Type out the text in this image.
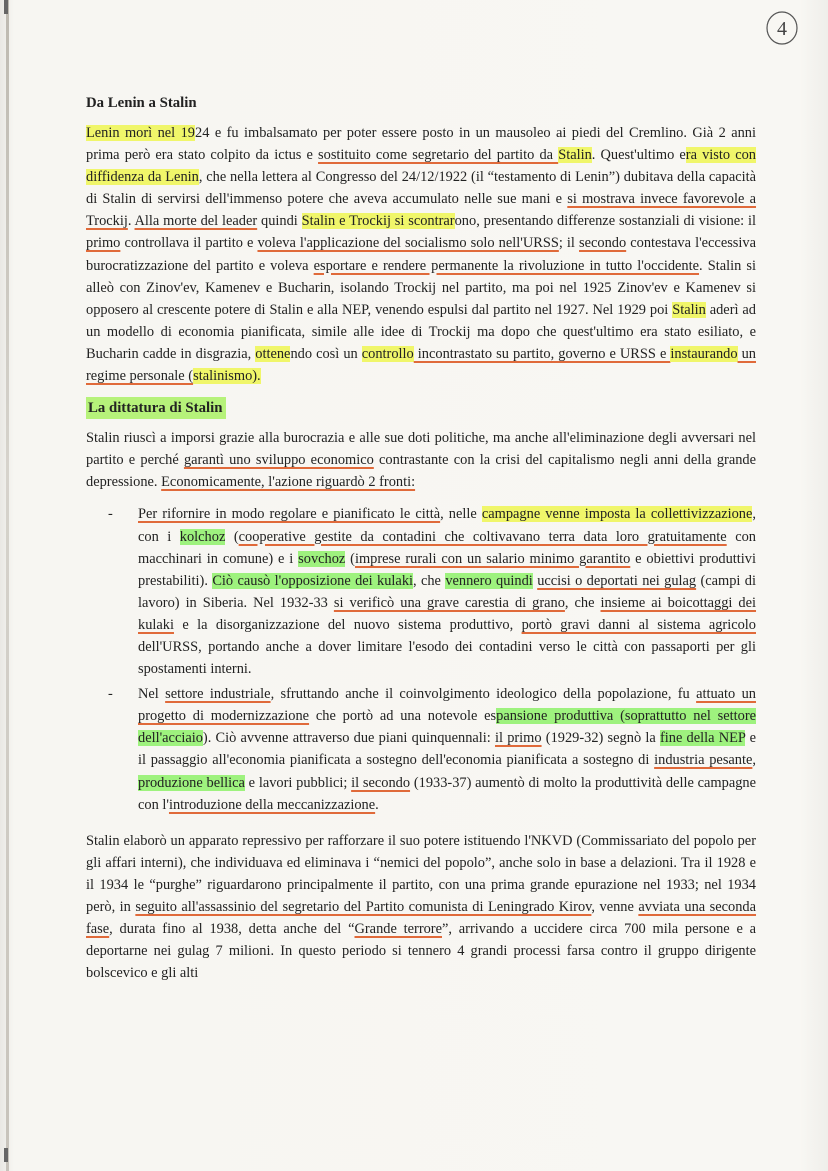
4
Da Lenin a Stalin

Lenin morì nel 1924 e fu imbalsamato per poter essere posto in un mausoleo ai piedi del Cremlino. Già 2 anni prima però era stato colpito da ictus e sostituito come segretario del partito da Stalin. Quest'ultimo era visto con diffidenza da Lenin, che nella lettera al Congresso del 24/12/1922 (il “testamento di Lenin”) dubitava della capacità di Stalin di servirsi dell'immenso potere che aveva accumulato nelle sue mani e si mostrava invece favorevole a Trockij. Alla morte del leader quindi Stalin e Trockij si scontrarono, presentando differenze sostanziali di visione: il primo controllava il partito e voleva l'applicazione del socialismo solo nell'URSS; il secondo contestava l'eccessiva burocratizzazione del partito e voleva esportare e rendere permanente la rivoluzione in tutto l'occidente. Stalin si alleò con Zinov'ev, Kamenev e Bucharin, isolando Trockij nel partito, ma poi nel 1925 Zinov'ev e Kamenev si opposero al crescente potere di Stalin e alla NEP, venendo espulsi dal partito nel 1927. Nel 1929 poi Stalin aderì ad un modello di economia pianificata, simile alle idee di Trockij ma dopo che quest'ultimo era stato esiliato, e Bucharin cadde in disgrazia, ottenendo così un controllo incontrastato su partito, governo e URSS e instaurando un regime personale (stalinismo).

La dittatura di Stalin

Stalin riuscì a imporsi grazie alla burocrazia e alle sue doti politiche, ma anche all'eliminazione degli avversari nel partito e perché garantì uno sviluppo economico contrastante con la crisi del capitalismo negli anni della grande depressione. Economicamente, l'azione riguardò 2 fronti:

- Per rifornire in modo regolare e pianificato le città, nelle campagne venne imposta la collettivizzazione, con i kolchoz (cooperative gestite da contadini che coltivavano terra data loro gratuitamente con macchinari in comune) e i sovchoz (imprese rurali con un salario minimo garantito e obiettivi produttivi prestabiliti). Ciò causò l'opposizione dei kulaki, che vennero quindi uccisi o deportati nei gulag (campi di lavoro) in Siberia. Nel 1932-33 si verificò una grave carestia di grano, che insieme ai boicottaggi dei kulaki e la disorganizzazione del nuovo sistema produttivo, portò gravi danni al sistema agricolo dell'URSS, portando anche a dover limitare l'esodo dei contadini verso le città con passaporti per gli spostamenti interni.
- Nel settore industriale, sfruttando anche il coinvolgimento ideologico della popolazione, fu attuato un progetto di modernizzazione che portò ad una notevole espansione produttiva (soprattutto nel settore dell'acciaio). Ciò avvenne attraverso due piani quinquennali: il primo (1929-32) segnò la fine della NEP e il passaggio all'economia pianificata a sostegno dell'economia pianificata a sostegno di industria pesante, produzione bellica e lavori pubblici; il secondo (1933-37) aumentò di molto la produttività delle campagne con l'introduzione della meccanizzazione.

Stalin elaborò un apparato repressivo per rafforzare il suo potere istituendo l'NKVD (Commissariato del popolo per gli affari interni), che individuava ed eliminava i “nemici del popolo”, anche solo in base a delazioni. Tra il 1928 e il 1934 le “purghe” riguardarono principalmente il partito, con una prima grande epurazione nel 1933; nel 1934 però, in seguito all'assassinio del segretario del Partito comunista di Leningrado Kirov, venne avviata una seconda fase, durata fino al 1938, detta anche del “Grande terrore”, arrivando a uccidere circa 700 mila persone e a deportarne nei gulag 7 milioni. In questo periodo si tennero 4 grandi processi farsa contro il gruppo dirigente bolscevico e gli alti
